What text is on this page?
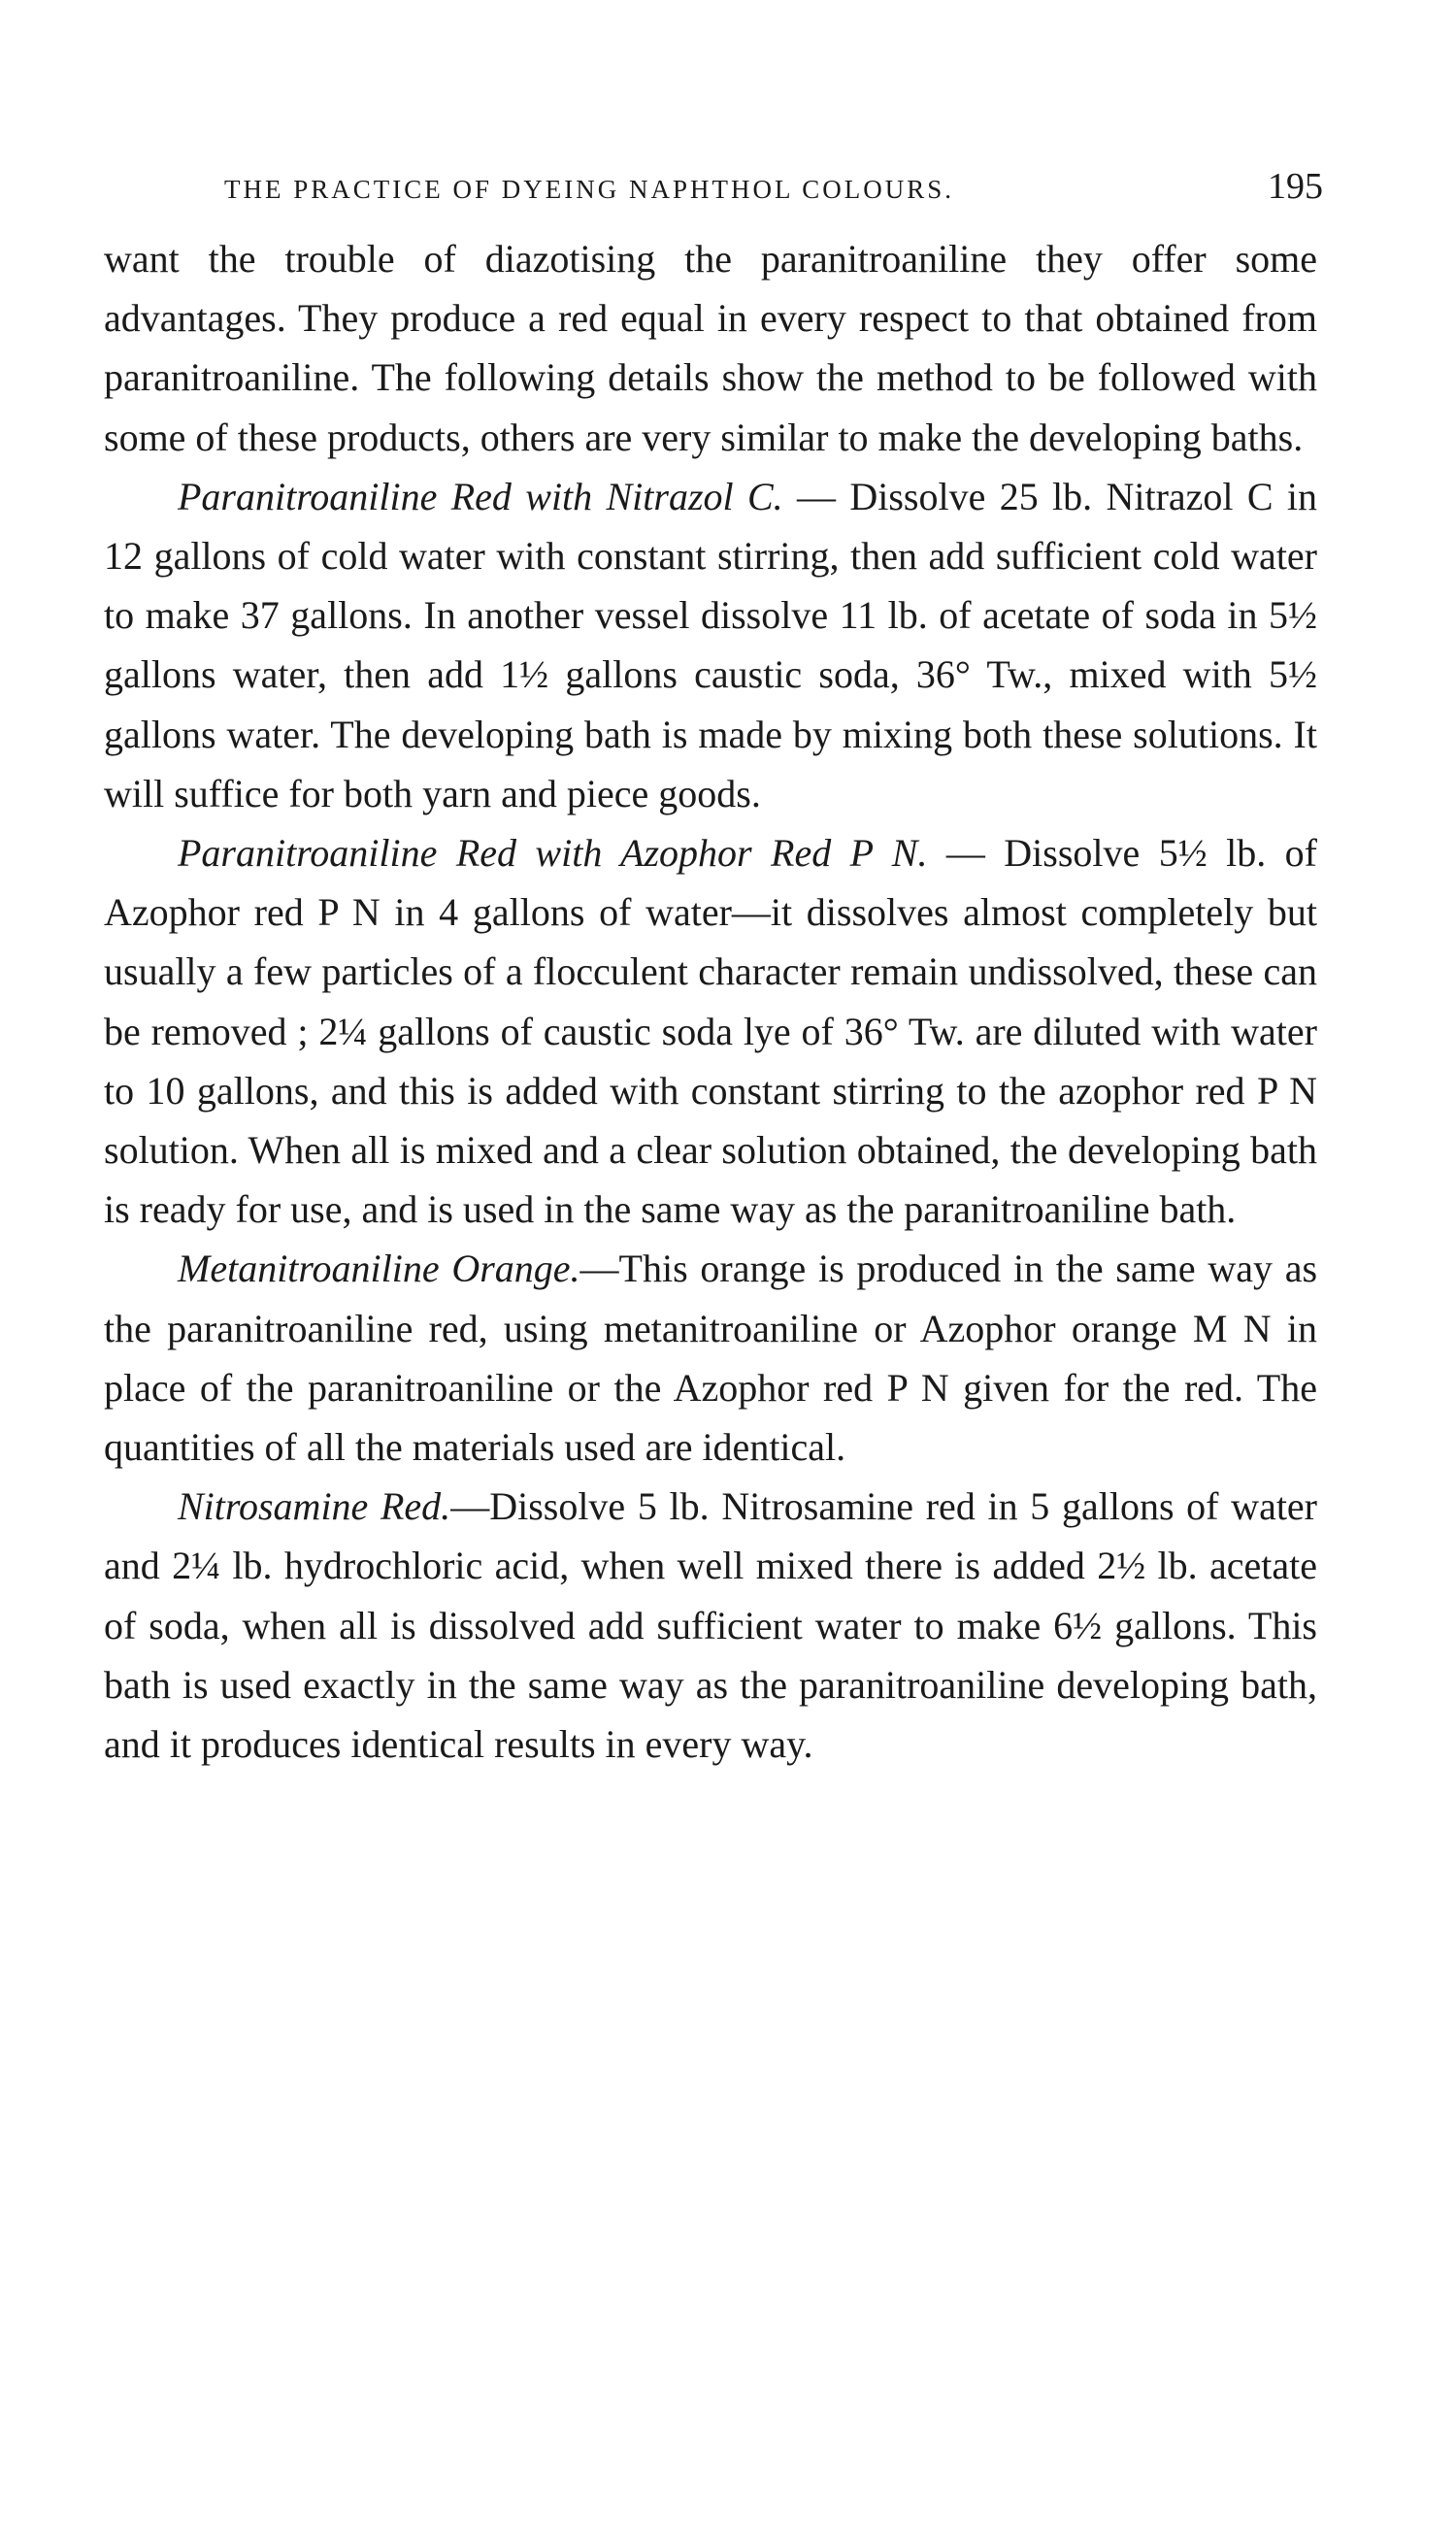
THE PRACTICE OF DYEING NAPHTHOL COLOURS.	195

want the trouble of diazotising the paranitroaniline they offer some advantages. They produce a red equal in every respect to that obtained from paranitroaniline. The following details show the method to be followed with some of these products, others are very similar to make the developing baths.

Paranitroaniline Red with Nitrazol C. — Dissolve 25 lb. Nitrazol C in 12 gallons of cold water with constant stirring, then add sufficient cold water to make 37 gallons. In another vessel dissolve 11 lb. of acetate of soda in 5½ gallons water, then add 1½ gallons caustic soda, 36° Tw., mixed with 5½ gallons water. The developing bath is made by mixing both these solutions. It will suffice for both yarn and piece goods.

Paranitroaniline Red with Azophor Red P N. — Dissolve 5½ lb. of Azophor red P N in 4 gallons of water—it dissolves almost completely but usually a few particles of a flocculent character remain undissolved, these can be removed ; 2¼ gallons of caustic soda lye of 36° Tw. are diluted with water to 10 gallons, and this is added with constant stirring to the azophor red P N solution. When all is mixed and a clear solution obtained, the developing bath is ready for use, and is used in the same way as the paranitroaniline bath.

Metanitroaniline Orange.—This orange is produced in the same way as the paranitroaniline red, using metanitroaniline or Azophor orange M N in place of the paranitroaniline or the Azophor red P N given for the red. The quantities of all the materials used are identical.

Nitrosamine Red.—Dissolve 5 lb. Nitrosamine red in 5 gallons of water and 2¼ lb. hydrochloric acid, when well mixed there is added 2½ lb. acetate of soda, when all is dissolved add sufficient water to make 6½ gallons. This bath is used exactly in the same way as the paranitroaniline developing bath, and it produces identical results in every way.
